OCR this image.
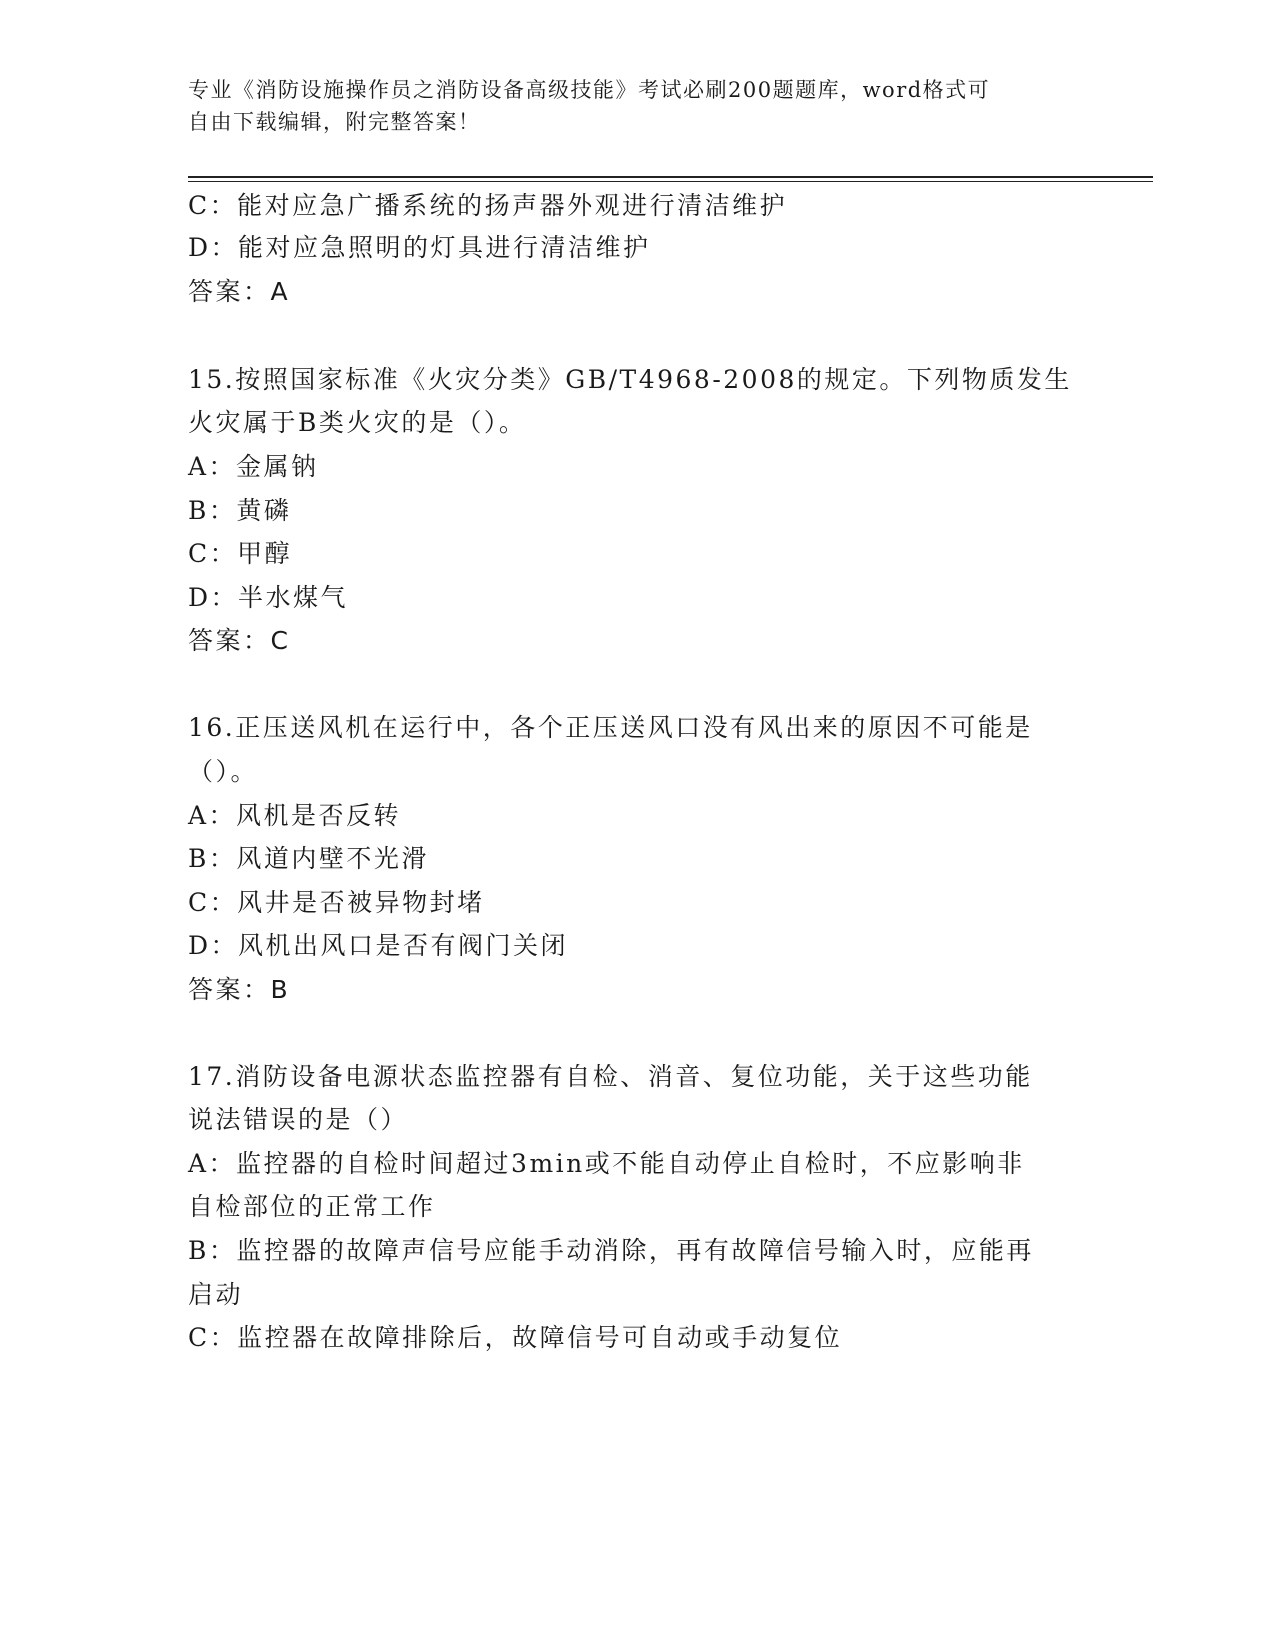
专业《消防设施操作员之消防设备高级技能》考试必刷200题题库，word格式可
自由下载编辑，附完整答案！
C：能对应急广播系统的扬声器外观进行清洁维护
D：能对应急照明的灯具进行清洁维护
答案：A
15.按照国家标准《火灾分类》GB/T4968-2008的规定。下列物质发生
火灾属于B类火灾的是（）。
A：金属钠
B：黄磷
C：甲醇
D：半水煤气
答案：C
16.正压送风机在运行中，各个正压送风口没有风出来的原因不可能是
（）。
A：风机是否反转
B：风道内壁不光滑
C：风井是否被异物封堵
D：风机出风口是否有阀门关闭
答案：B
17.消防设备电源状态监控器有自检、消音、复位功能，关于这些功能
说法错误的是（）
A：监控器的自检时间超过3min或不能自动停止自检时，不应影响非
自检部位的正常工作
B：监控器的故障声信号应能手动消除，再有故障信号输入时，应能再
启动
C：监控器在故障排除后，故障信号可自动或手动复位
